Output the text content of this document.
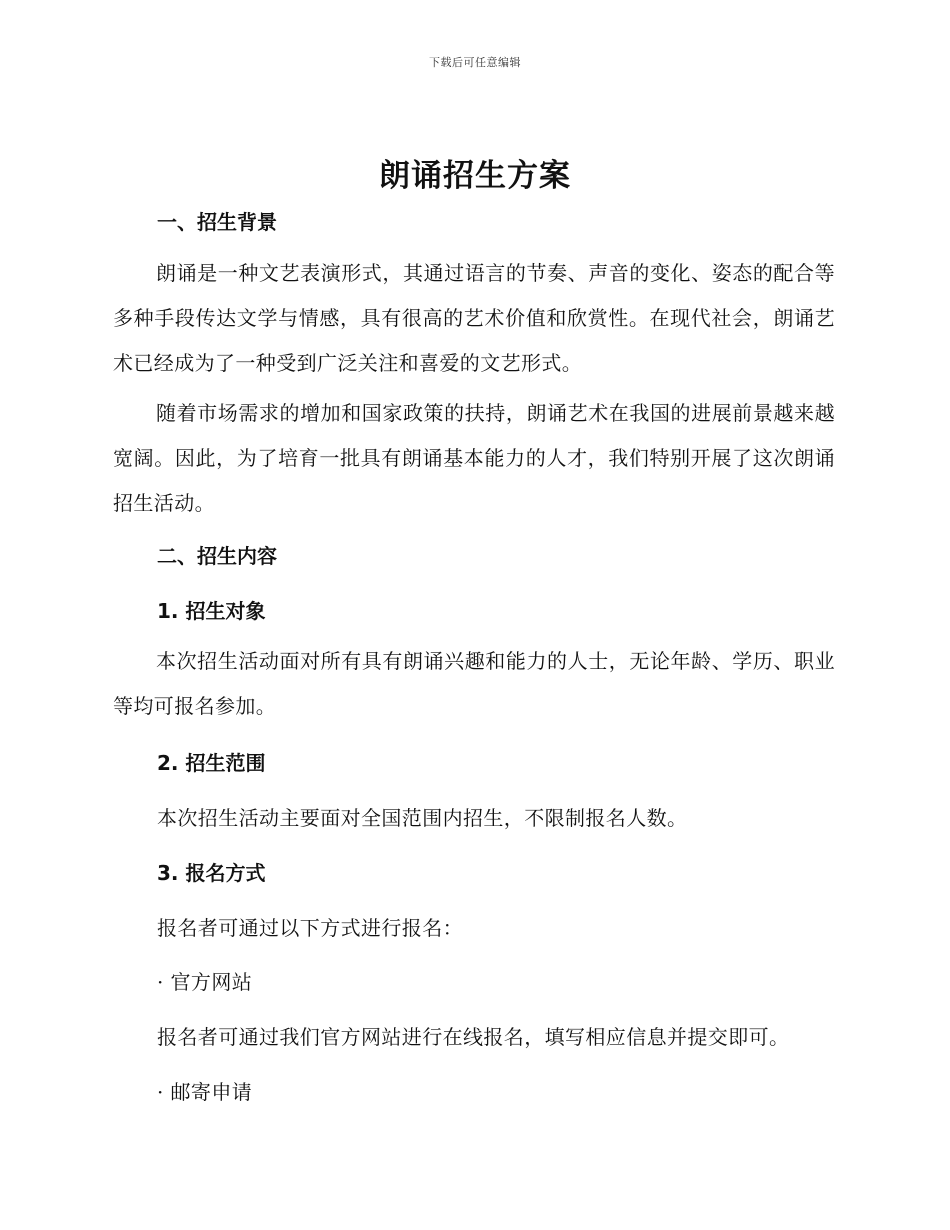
下载后可任意编辑
朗诵招生方案
一、招生背景
朗诵是一种文艺表演形式，其通过语言的节奏、声音的变化、姿态的配合等多种手段传达文学与情感，具有很高的艺术价值和欣赏性。在现代社会，朗诵艺术已经成为了一种受到广泛关注和喜爱的文艺形式。
随着市场需求的增加和国家政策的扶持，朗诵艺术在我国的进展前景越来越宽阔。因此，为了培育一批具有朗诵基本能力的人才，我们特别开展了这次朗诵招生活动。
二、招生内容
1. 招生对象
本次招生活动面对所有具有朗诵兴趣和能力的人士，无论年龄、学历、职业等均可报名参加。
2. 招生范围
本次招生活动主要面对全国范围内招生，不限制报名人数。
3. 报名方式
报名者可通过以下方式进行报名：
· 官方网站
报名者可通过我们官方网站进行在线报名，填写相应信息并提交即可。
· 邮寄申请
